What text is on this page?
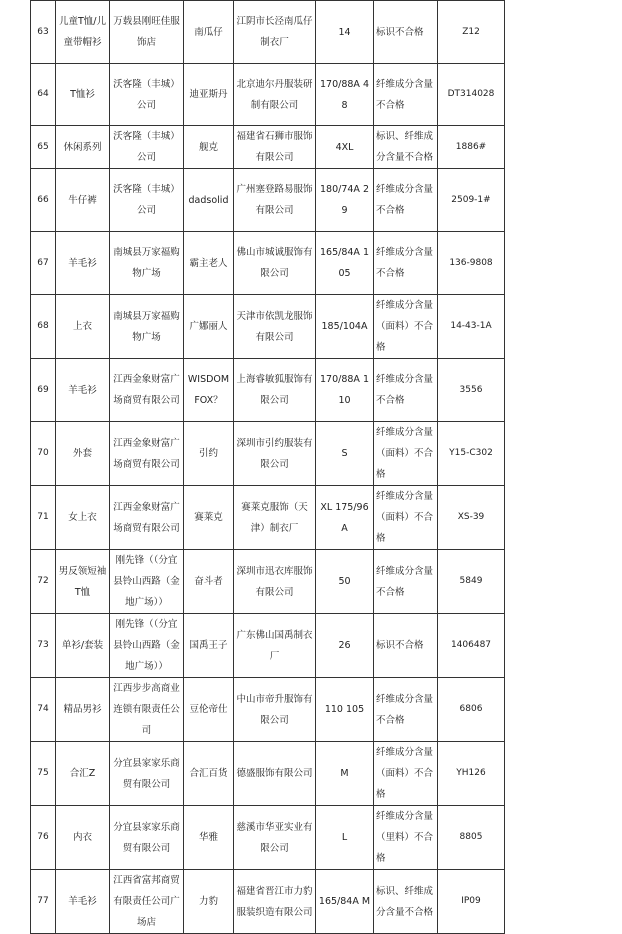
63	儿童T恤/儿童带帽衫	万载县刚旺佳服饰店	南瓜仔	江阴市长泾南瓜仔制衣厂	14	标识不合格	Z12
64	T恤衫	沃客隆（丰城）公司	迪亚斯丹	北京迪尔丹服装研制有限公司	170/88A 48	纤维成分含量不合格	DT314028
65	休闲系列	沃客隆（丰城）公司	舰克	福建省石狮市服饰有限公司	4XL	标识、纤维成分含量不合格	1886#
66	牛仔裤	沃客隆（丰城）公司	dadsolid	广州塞登路易服饰有限公司	180/74A 29	纤维成分含量不合格	2509-1#
67	羊毛衫	南城县万家福购物广场	霸主老人	佛山市城诚服饰有限公司	165/84A 105	纤维成分含量不合格	136-9808
68	上衣	南城县万家福购物广场	广娜丽人	天津市依凯龙服饰有限公司	185/104A	纤维成分含量（面料）不合格	14-43-1A
69	羊毛衫	江西金象财富广场商贸有限公司	WISDOMFOX？	上海睿敏狐服饰有限公司	170/88A 110	纤维成分含量不合格	3556
70	外套	江西金象财富广场商贸有限公司	引约	深圳市引约服装有限公司	S	纤维成分含量（面料）不合格	Y15-C302
71	女上衣	江西金象财富广场商贸有限公司	赛莱克	赛莱克服饰（天津）制衣厂	XL 175/96A	纤维成分含量（面料）不合格	XS-39
72	男反领短袖T恤	刚先锋（（分宜县铃山西路（金地广场））	奋斗者	深圳市迅衣库服饰有限公司	50	纤维成分含量不合格	5849
73	单衫/套装	刚先锋（（分宜县铃山西路（金地广场））	国禹王子	广东佛山国禹制衣厂	26	标识不合格	1406487
74	精品男衫	江西步步高商业连锁有限责任公司	豆伦帝仕	中山市帝升服饰有限公司	110 105	纤维成分含量不合格	6806
75	合汇Z	分宜县家家乐商贸有限公司	合汇百货	德盛服饰有限公司	M	纤维成分含量（面料）不合格	YH126
76	内衣	分宜县家家乐商贸有限公司	华雅	慈溪市华亚实业有限公司	L	纤维成分含量（里料）不合格	8805
77	羊毛衫	江西省富邦商贸有限责任公司广场店	力豹	福建省晋江市力豹服装织造有限公司	165/84A M	标识、纤维成分含量不合格	IP09
